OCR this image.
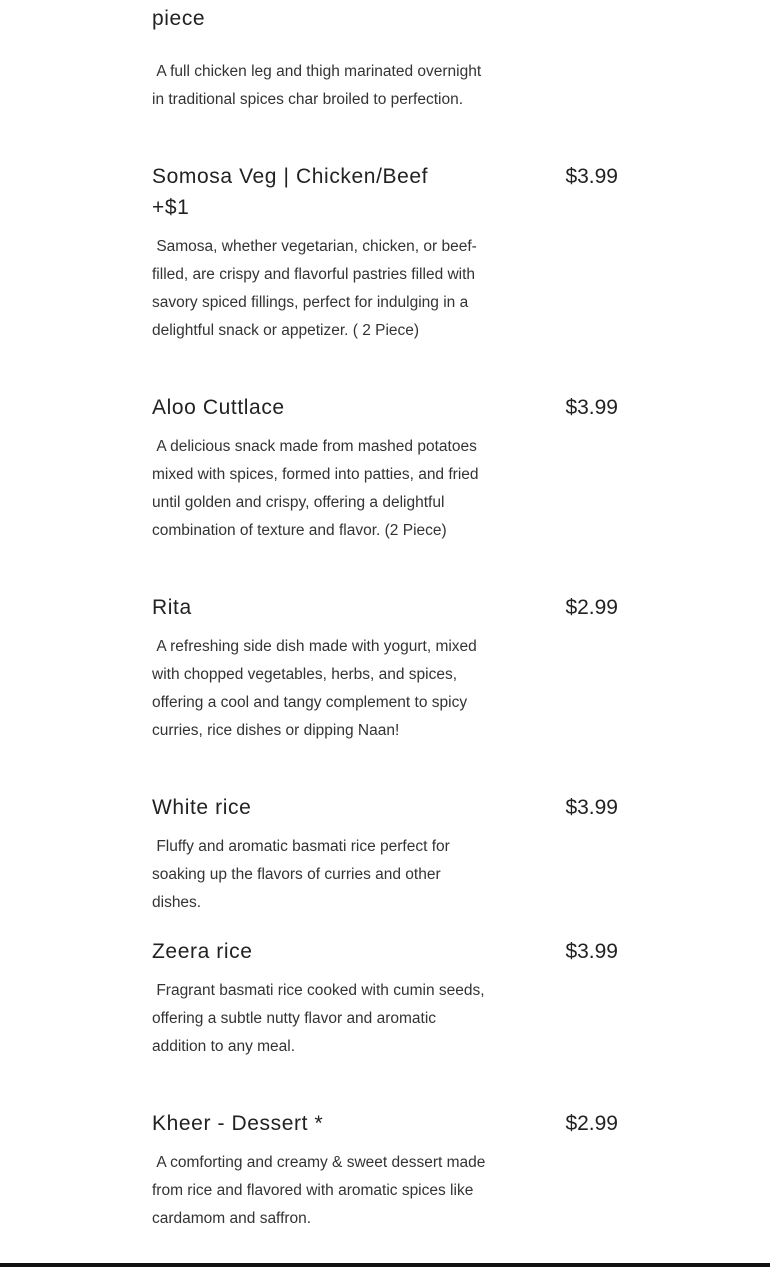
piece
A full chicken leg and thigh marinated overnight in traditional spices char broiled to perfection.
Somosa Veg | Chicken/Beef +$1
$3.99
Samosa, whether vegetarian, chicken, or beef-filled, are crispy and flavorful pastries filled with savory spiced fillings, perfect for indulging in a delightful snack or appetizer. ( 2 Piece)
Aloo Cuttlace	$3.99
A delicious snack made from mashed potatoes mixed with spices, formed into patties, and fried until golden and crispy, offering a delightful combination of texture and flavor. (2 Piece)
Rita	$2.99
A refreshing side dish made with yogurt, mixed with chopped vegetables, herbs, and spices, offering a cool and tangy complement to spicy curries, rice dishes or dipping Naan!
White rice	$3.99
Fluffy and aromatic basmati rice perfect for soaking up the flavors of curries and other dishes.
Zeera rice	$3.99
Fragrant basmati rice cooked with cumin seeds, offering a subtle nutty flavor and aromatic addition to any meal.
Kheer - Dessert *	$2.99
A comforting and creamy & sweet dessert made from rice and flavored with aromatic spices like cardamom and saffron.
